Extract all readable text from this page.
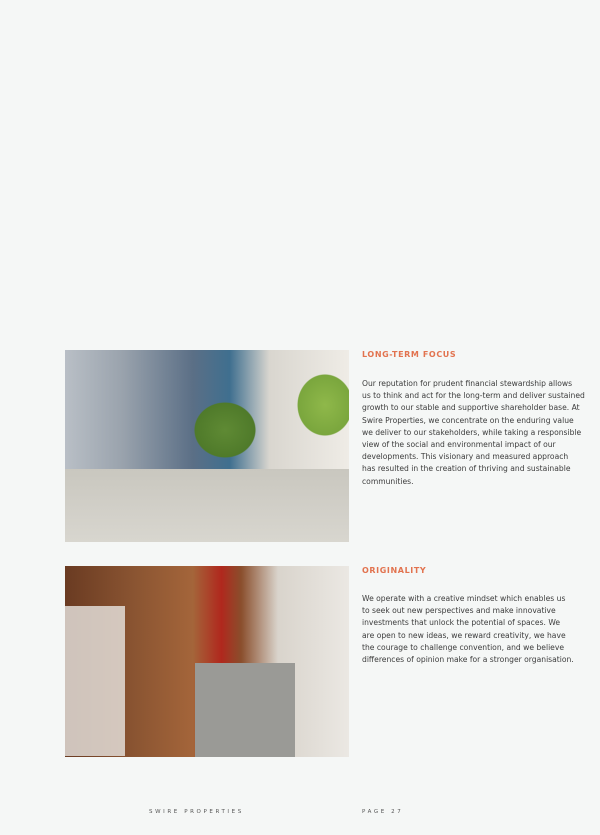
LONG-TERM FOCUS
Our reputation for prudent financial stewardship allows
us to think and act for the long-term and deliver sustained
growth to our stable and supportive shareholder base. At
Swire Properties, we concentrate on the enduring value
we deliver to our stakeholders, while taking a responsible
view of the social and environmental impact of our
developments. This visionary and measured approach
has resulted in the creation of thriving and sustainable
communities.
ORIGINALITY
We operate with a creative mindset which enables us
to seek out new perspectives and make innovative
investments that unlock the potential of spaces. We
are open to new ideas, we reward creativity, we have
the courage to challenge convention, and we believe
differences of opinion make for a stronger organisation.
SWIRE PROPERTIES	PAGE 27
